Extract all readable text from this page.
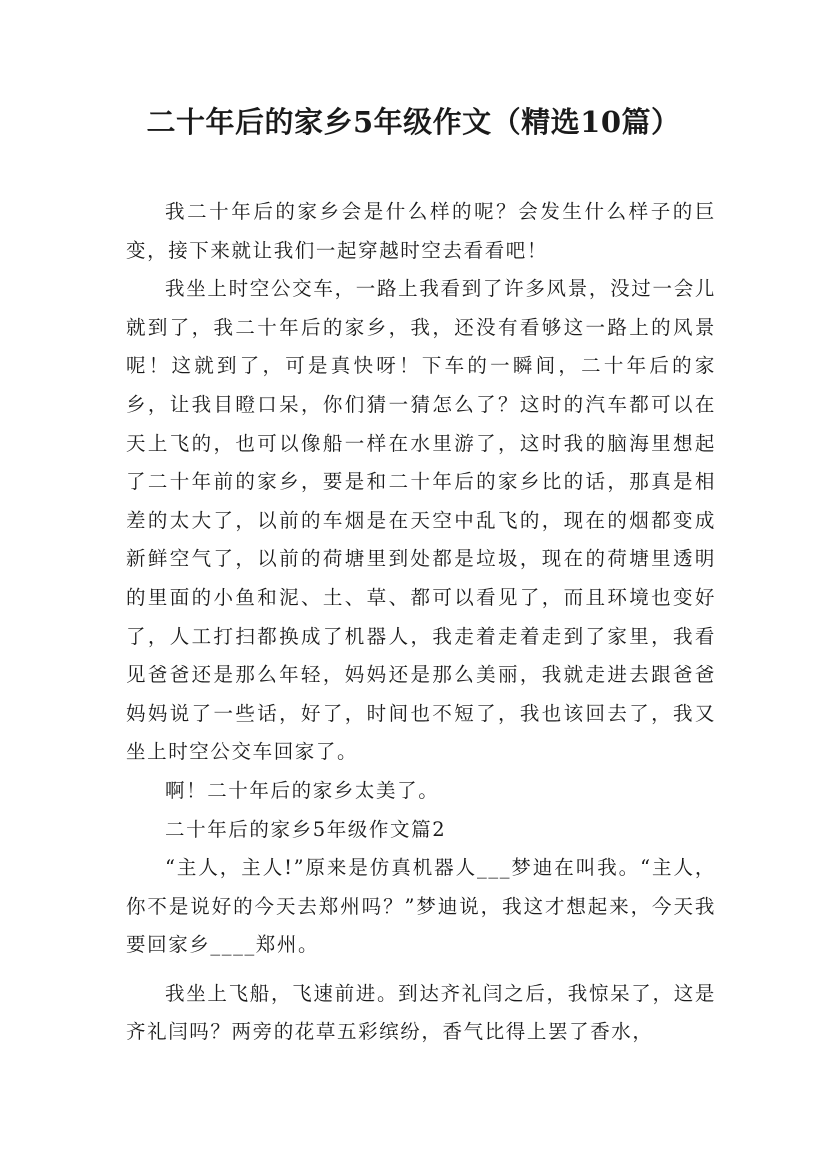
二十年后的家乡5年级作文（精选10篇）

我二十年后的家乡会是什么样的呢？会发生什么样子的巨变，接下来就让我们一起穿越时空去看看吧！

我坐上时空公交车，一路上我看到了许多风景，没过一会儿就到了，我二十年后的家乡，我，还没有看够这一路上的风景呢！这就到了，可是真快呀！下车的一瞬间，二十年后的家乡，让我目瞪口呆，你们猜一猜怎么了？这时的汽车都可以在天上飞的，也可以像船一样在水里游了，这时我的脑海里想起了二十年前的家乡，要是和二十年后的家乡比的话，那真是相差的太大了，以前的车烟是在天空中乱飞的，现在的烟都变成新鲜空气了，以前的荷塘里到处都是垃圾，现在的荷塘里透明的里面的小鱼和泥、土、草、都可以看见了，而且环境也变好了，人工打扫都换成了机器人，我走着走着走到了家里，我看见爸爸还是那么年轻，妈妈还是那么美丽，我就走进去跟爸爸妈妈说了一些话，好了，时间也不短了，我也该回去了，我又坐上时空公交车回家了。

啊！二十年后的家乡太美了。

二十年后的家乡5年级作文篇2

“主人，主人!”原来是仿真机器人___梦迪在叫我。“主人，你不是说好的今天去郑州吗？”梦迪说，我这才想起来，今天我要回家乡____郑州。

我坐上飞船，飞速前进。到达齐礼闫之后，我惊呆了，这是齐礼闫吗？两旁的花草五彩缤纷，香气比得上罢了香水，
